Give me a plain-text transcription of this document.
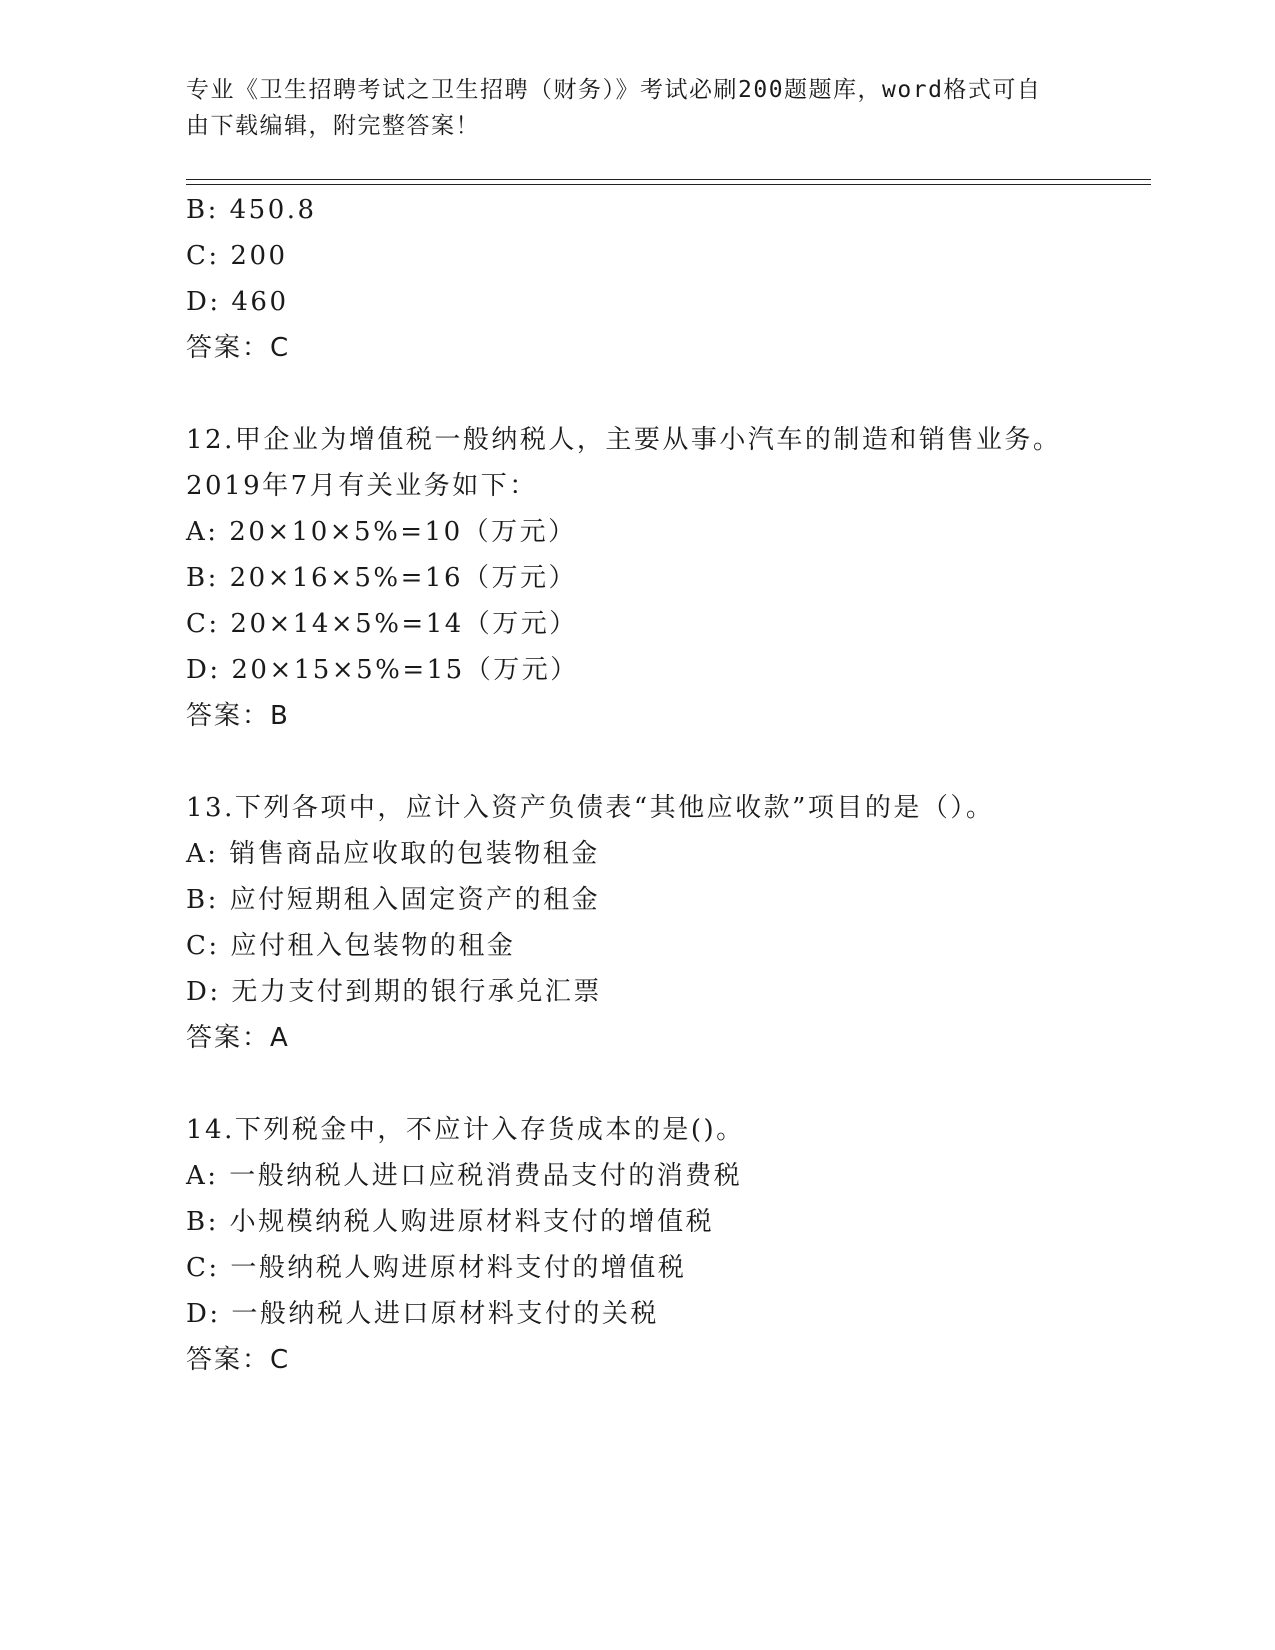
专业《卫生招聘考试之卫生招聘（财务）》考试必刷200题题库，word格式可自
由下载编辑，附完整答案！
B: 450.8
C: 200
D: 460
答案：C
12.甲企业为增值税一般纳税人，主要从事小汽车的制造和销售业务。
2019年7月有关业务如下：
A: 20×10×5%=10（万元）
B: 20×16×5%=16（万元）
C: 20×14×5%=14（万元）
D: 20×15×5%=15（万元）
答案：B
13.下列各项中，应计入资产负债表“其他应收款”项目的是（）。
A: 销售商品应收取的包装物租金
B: 应付短期租入固定资产的租金
C: 应付租入包装物的租金
D: 无力支付到期的银行承兑汇票
答案：A
14.下列税金中，不应计入存货成本的是()。
A: 一般纳税人进口应税消费品支付的消费税
B: 小规模纳税人购进原材料支付的增值税
C: 一般纳税人购进原材料支付的增值税
D: 一般纳税人进口原材料支付的关税
答案：C
